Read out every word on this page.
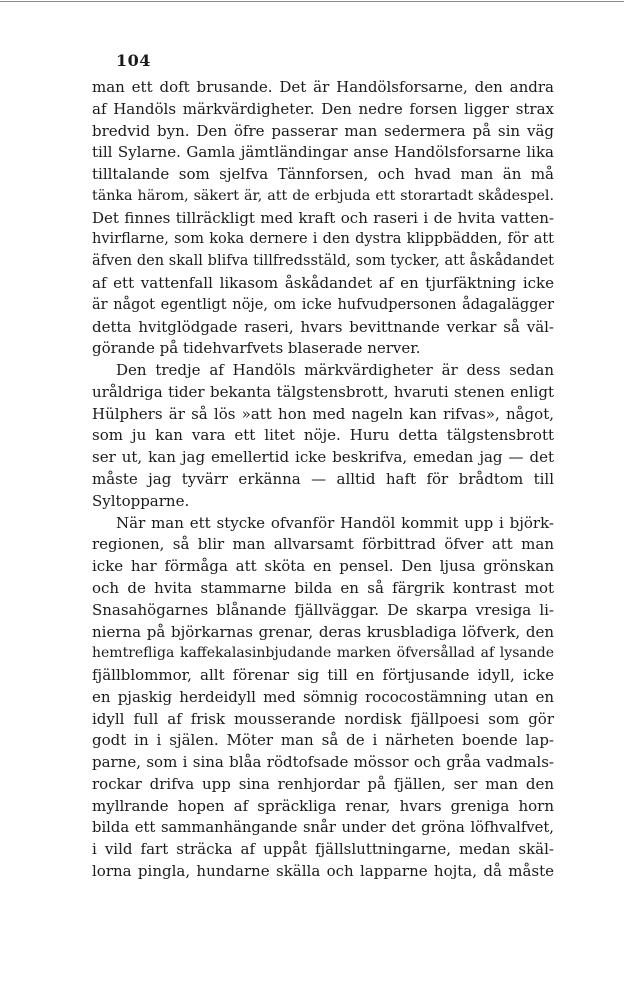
104
man ett doft brusande. Det är Handölsforsarne, den andra
af Handöls märkvärdigheter. Den nedre forsen ligger strax
bredvid byn. Den öfre passerar man sedermera på sin väg
till Sylarne. Gamla jämtländingar anse Handölsforsarne lika
tilltalande som sjelfva Tännforsen, och hvad man än må
tänka härom, säkert är, att de erbjuda ett storartadt skådespel.
Det finnes tillräckligt med kraft och raseri i de hvita vatten-
hvirflarne, som koka dernere i den dystra klippbädden, för att
äfven den skall blifva tillfredsstäld, som tycker, att åskådandet
af ett vattenfall likasom åskådandet af en tjurfäktning icke
är något egentligt nöje, om icke hufvudpersonen ådagalägger
detta hvitglödgade raseri, hvars bevittnande verkar så väl-
görande på tidehvarfvets blaserade nerver.
Den tredje af Handöls märkvärdigheter är dess sedan
uråldriga tider bekanta tälgstensbrott, hvaruti stenen enligt
Hülphers är så lös »att hon med nageln kan rifvas», något,
som ju kan vara ett litet nöje. Huru detta tälgstensbrott
ser ut, kan jag emellertid icke beskrifva, emedan jag — det
måste jag tyvärr erkänna — alltid haft för brådtom till
Syltopparne.
När man ett stycke ofvanför Handöl kommit upp i björk-
regionen, så blir man allvarsamt förbittrad öfver att man
icke har förmåga att sköta en pensel. Den ljusa grönskan
och de hvita stammarne bilda en så färgrik kontrast mot
Snasahögarnes blånande fjällväggar. De skarpa vresiga li-
nierna på björkarnas grenar, deras krusbladiga löfverk, den
hemtrefliga kaffekalasinbjudande marken öfversållad af lysande
fjällblommor, allt förenar sig till en förtjusande idyll, icke
en pjaskig herdeidyll med sömnig rococostämning utan en
idyll full af frisk mousserande nordisk fjällpoesi som gör
godt in i själen. Möter man så de i närheten boende lap-
parne, som i sina blåa rödtofsade mössor och gråa vadmals-
rockar drifva upp sina renhjordar på fjällen, ser man den
myllrande hopen af spräckliga renar, hvars greniga horn
bilda ett sammanhängande snår under det gröna löfhvalfvet,
i vild fart sträcka af uppåt fjällsluttningarne, medan skäl-
lorna pingla, hundarne skälla och lapparne hojta, då måste
